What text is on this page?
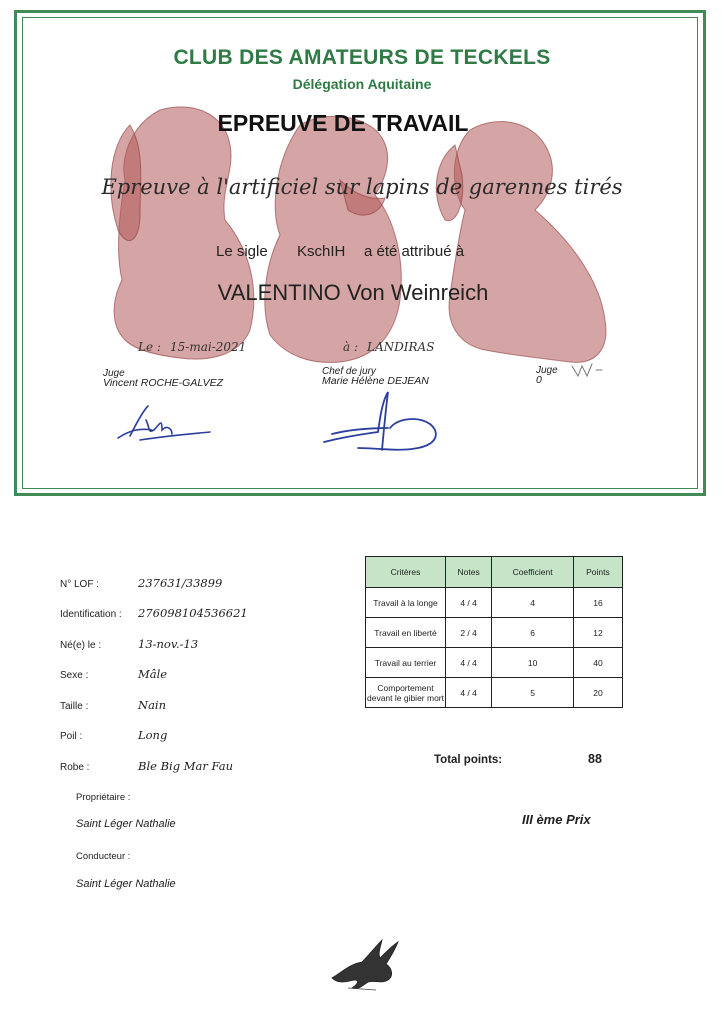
CLUB DES AMATEURS DE TECKELS
Délégation Aquitaine
EPREUVE DE TRAVAIL
Epreuve à l'artificiel sur lapins de garennes tirés
Le sigle KschIH a été attribué à
VALENTINO Von Weinreich
Le : 15-mai-2021	à : LANDIRAS
Juge
Vincent ROCHE-GALVEZ
Chef de jury
Marie Hélène DEJEAN
Juge
0
N° LOF :	237631/33899
Identification : 276098104536621
Né(e) le :	13-nov.-13
Sexe :	Mâle
Taille :	Nain
Poil :	Long
Robe :	Ble Big Mar Fau
Propriétaire :
Saint Léger Nathalie
Conducteur :
Saint Léger Nathalie
Critères	Notes	Coefficient	Points
Travail à la longe	4 / 4	4	16
Travail en liberté	2 / 4	6	12
Travail au terrier	4 / 4	10	40
Comportement devant le gibier mort	4 / 4	5	20
Total points:	88
III ème Prix
